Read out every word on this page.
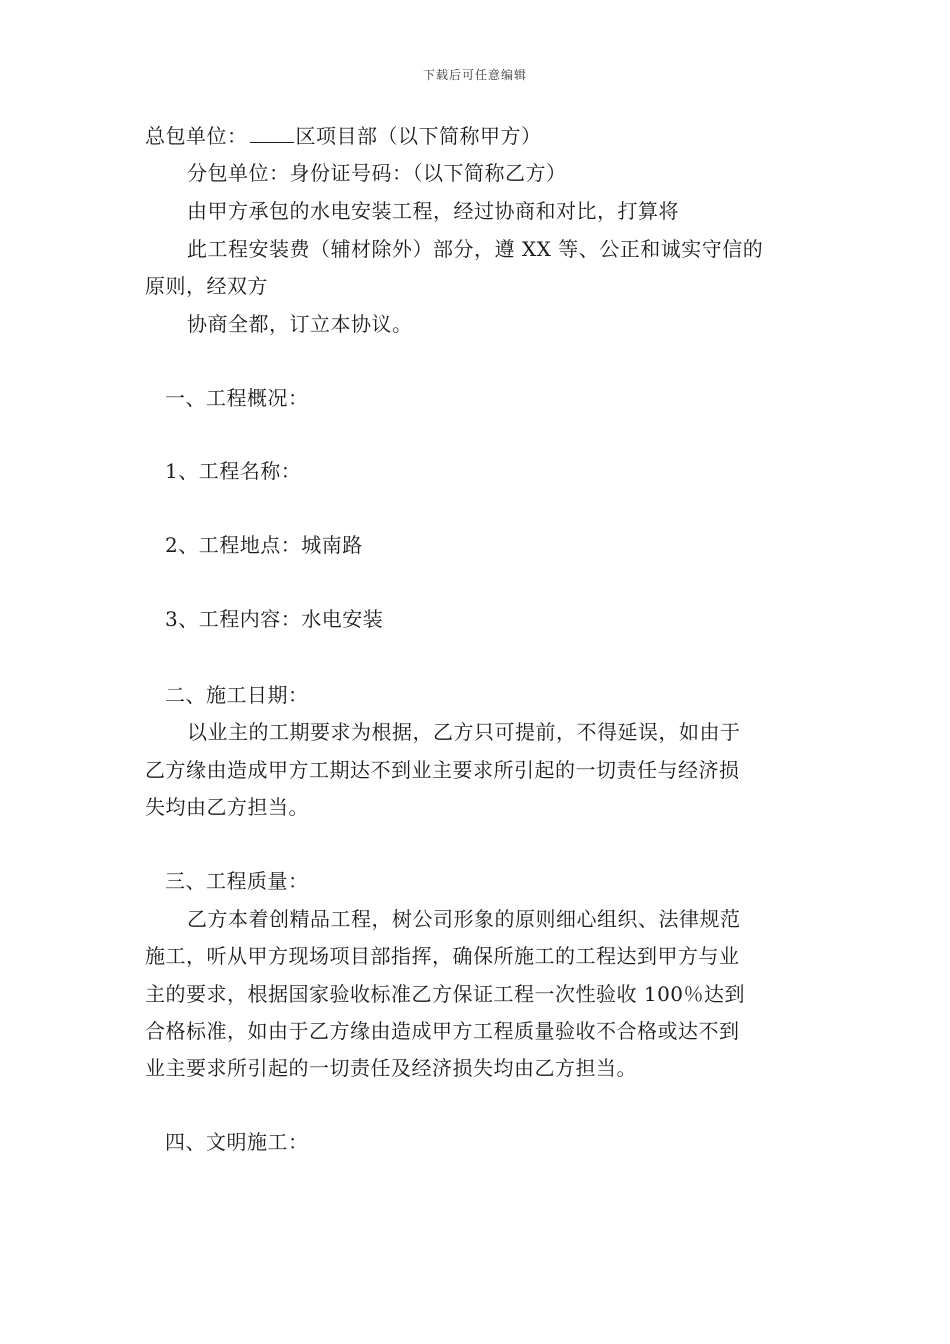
下载后可任意编辑
总包单位： 区项目部（以下简称甲方）
分包单位：身份证号码：（以下简称乙方）
由甲方承包的水电安装工程，经过协商和对比，打算将
此工程安装费（辅材除外）部分，遵 XX 等、公正和诚实守信的
原则，经双方
协商全都，订立本协议。
一、工程概况：
1、工程名称：
2、工程地点：城南路
3、工程内容：水电安装
二、施工日期：
以业主的工期要求为根据，乙方只可提前，不得延误，如由于
乙方缘由造成甲方工期达不到业主要求所引起的一切责任与经济损
失均由乙方担当。
三、工程质量：
乙方本着创精品工程，树公司形象的原则细心组织、法律规范
施工，听从甲方现场项目部指挥，确保所施工的工程达到甲方与业
主的要求，根据国家验收标准乙方保证工程一次性验收 100％达到
合格标准，如由于乙方缘由造成甲方工程质量验收不合格或达不到
业主要求所引起的一切责任及经济损失均由乙方担当。
四、文明施工：
